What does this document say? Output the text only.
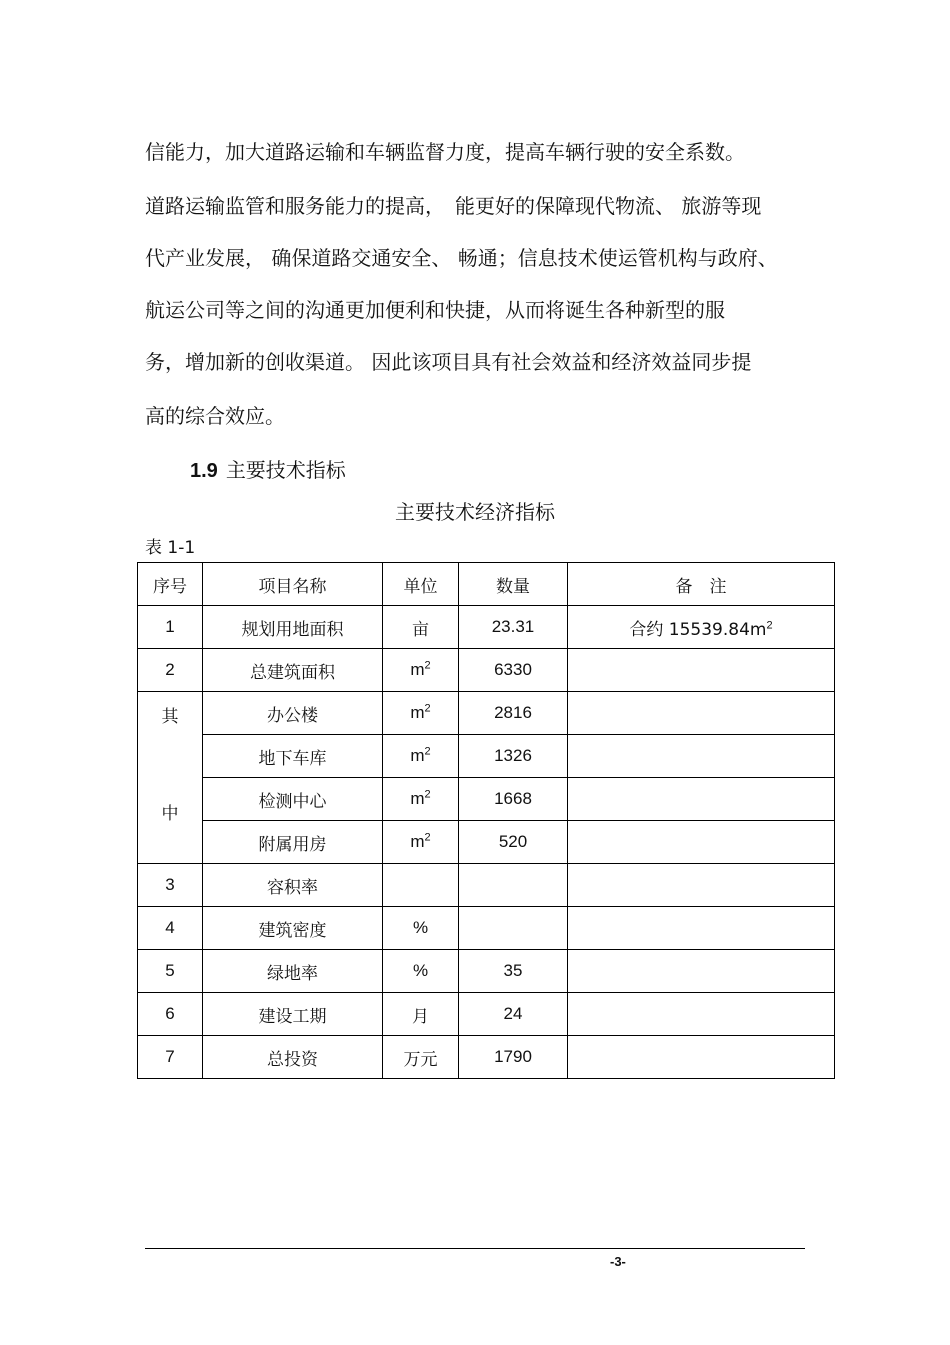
信能力，加大道路运输和车辆监督力度，提高车辆行驶的安全系数。
道路运输监管和服务能力的提高，　能更好的保障现代物流、 旅游等现
代产业发展， 确保道路交通安全、 畅通；信息技术使运管机构与政府、
航运公司等之间的沟通更加便利和快捷，从而将诞生各种新型的服
务，增加新的创收渠道。 因此该项目具有社会效益和经济效益同步提
高的综合效应。
1.9 主要技术指标
主要技术经济指标
表 1-1
序号	项目名称	单位	数量	备　注
1	规划用地面积	亩	23.31	合约 $15539.84m^2$
2	总建筑面积	$m^2$	6330	

其
中	办公楼	$m^2$	2816	
	地下车库	$m^2$	1326	
	检测中心	$m^2$	1668	
	附属用房	$m^2$	520	
3	容积率			
4	建筑密度	%		
5	绿地率	%	35	
6	建设工期	月	24	
7	总投资	万元	1790	
-3-
